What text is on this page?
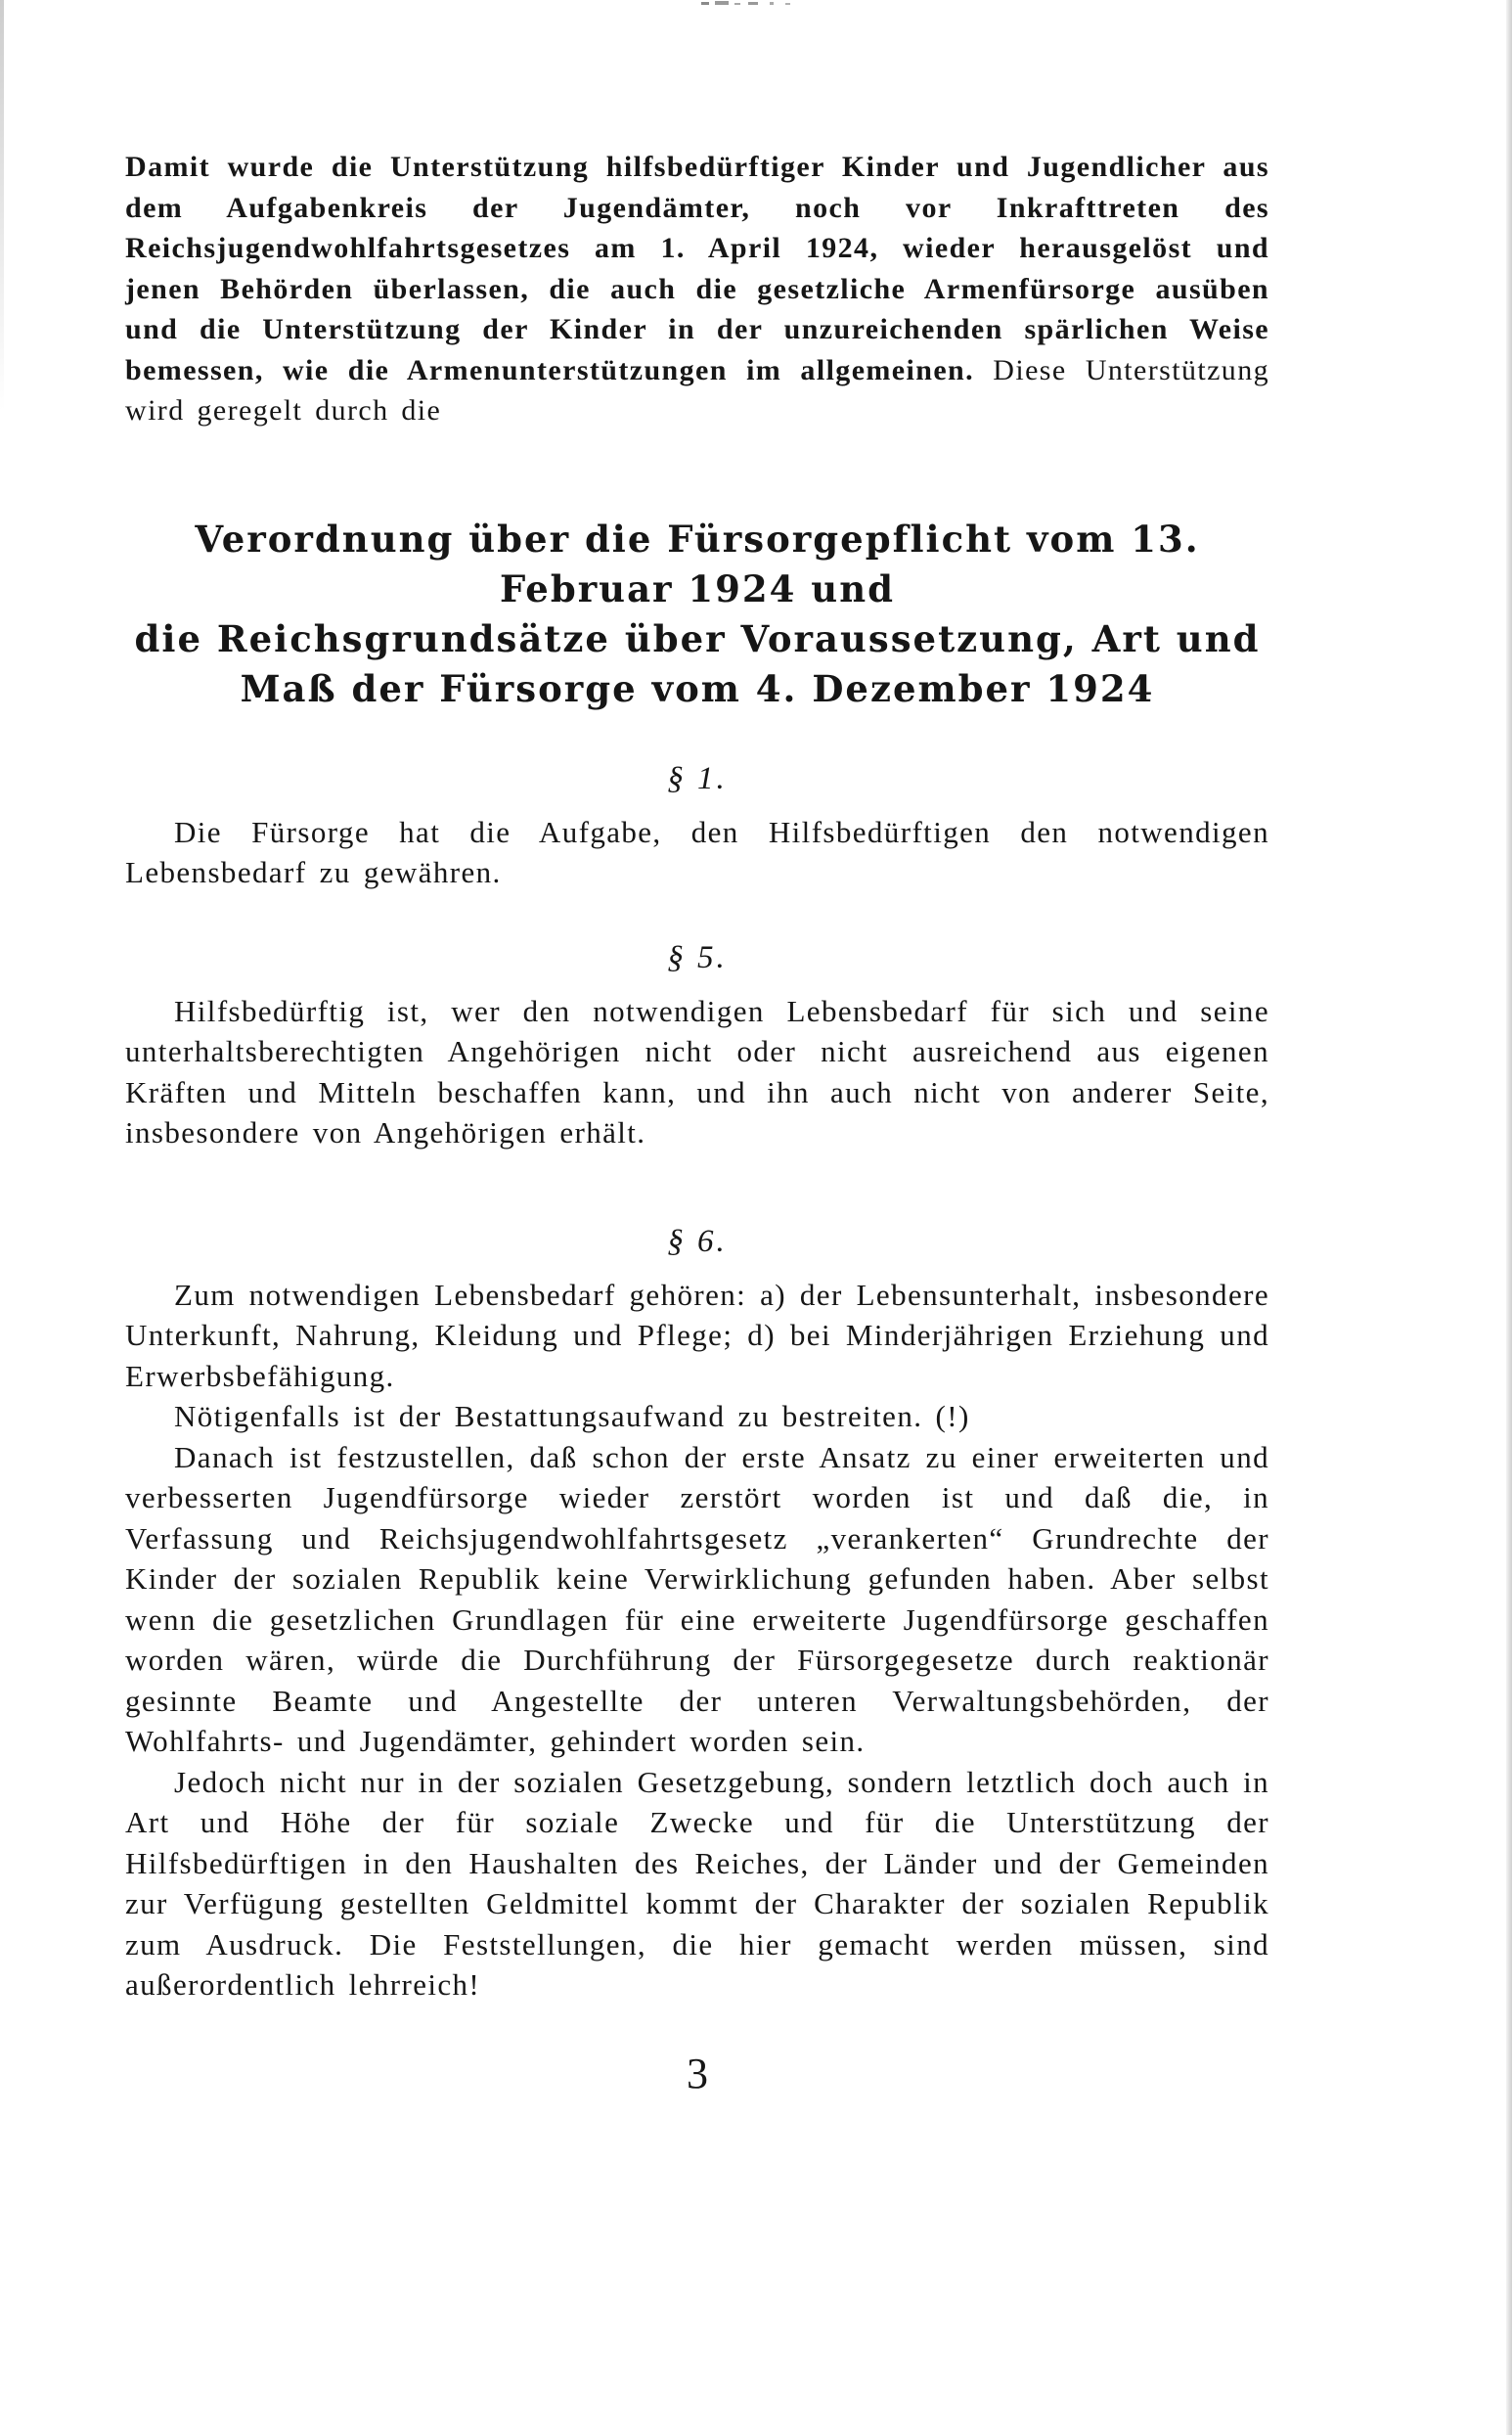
Damit wurde die Unterstützung hilfsbedürftiger Kinder und Jugendlicher aus dem Aufgabenkreis der Jugendämter, noch vor Inkrafttreten des Reichsjugendwohlfahrtsgesetzes am 1. April 1924, wieder herausgelöst und jenen Behörden überlassen, die auch die gesetzliche Armenfürsorge ausüben und die Unterstützung der Kinder in der unzureichenden spärlichen Weise bemessen, wie die Armenunterstützungen im allgemeinen. Diese Unterstützung wird geregelt durch die

Verordnung über die Fürsorgepflicht vom 13. Februar 1924 und
die Reichsgrundsätze über Voraussetzung, Art und Maß der Fürsorge vom 4. Dezember 1924
§ 1.

Die Fürsorge hat die Aufgabe, den Hilfsbedürftigen den notwendigen Lebensbedarf zu gewähren.

§ 5.

Hilfsbedürftig ist, wer den notwendigen Lebensbedarf für sich und seine unterhaltsberechtigten Angehörigen nicht oder nicht ausreichend aus eigenen Kräften und Mitteln beschaffen kann, und ihn auch nicht von anderer Seite, insbesondere von Angehörigen erhält.

§ 6.

Zum notwendigen Lebensbedarf gehören: a) der Lebensunterhalt, insbesondere Unterkunft, Nahrung, Kleidung und Pflege; d) bei Minderjährigen Erziehung und Erwerbsbefähigung.

Nötigenfalls ist der Bestattungsaufwand zu bestreiten. (!)

Danach ist festzustellen, daß schon der erste Ansatz zu einer erweiterten und verbesserten Jugendfürsorge wieder zerstört worden ist und daß die, in Verfassung und Reichsjugendwohlfahrtsgesetz „verankerten“ Grundrechte der Kinder der sozialen Republik keine Verwirklichung gefunden haben. Aber selbst wenn die gesetzlichen Grundlagen für eine erweiterte Jugendfürsorge geschaffen worden wären, würde die Durchführung der Fürsorgegesetze durch reaktionär gesinnte Beamte und Angestellte der unteren Verwaltungsbehörden, der Wohlfahrts- und Jugendämter, gehindert worden sein.

Jedoch nicht nur in der sozialen Gesetzgebung, sondern letztlich doch auch in Art und Höhe der für soziale Zwecke und für die Unterstützung der Hilfsbedürftigen in den Haushalten des Reiches, der Länder und der Gemeinden zur Verfügung gestellten Geldmittel kommt der Charakter der sozialen Republik zum Ausdruck. Die Feststellungen, die hier gemacht werden müssen, sind außerordentlich lehrreich!

3
